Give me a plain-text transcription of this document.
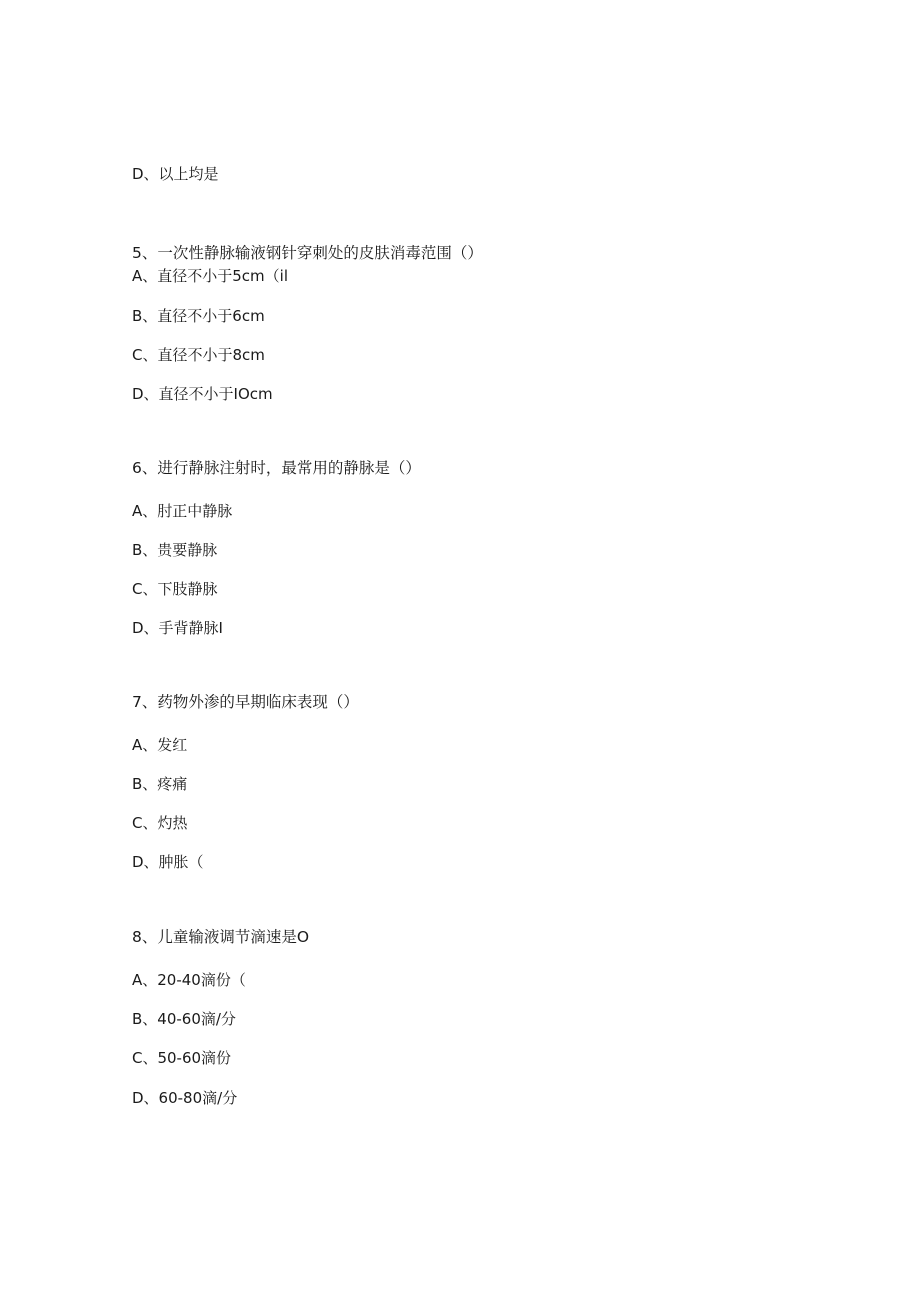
D、以上均是
5、一次性静脉输液钢针穿刺处的皮肤消毒范围（）
A、直径不小于5cm（il
B、直径不小于6cm
C、直径不小于8cm
D、直径不小于IOcm
6、进行静脉注射时，最常用的静脉是（）
A、肘正中静脉
B、贵要静脉
C、下肢静脉
D、手背静脉I
7、药物外渗的早期临床表现（）
A、发红
B、疼痛
C、灼热
D、肿胀（
8、儿童输液调节滴速是O
A、20-40滴份（
B、40-60滴/分
C、50-60滴份
D、60-80滴/分
